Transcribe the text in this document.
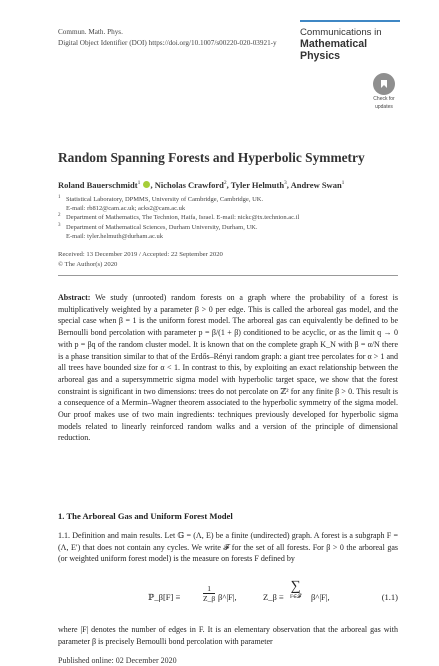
Commun. Math. Phys.
Digital Object Identifier (DOI) https://doi.org/10.1007/s00220-020-03921-y
Communications in
Mathematical
Physics
Check for
updates
Random Spanning Forests and Hyperbolic Symmetry
Roland Bauerschmidt$^1$ , Nicholas Crawford$^2$, Tyler Helmuth$^3$, Andrew Swan$^1$
1 Statistical Laboratory, DPMMS, University of Cambridge, Cambridge, UK.
E-mail: rb812@cam.ac.uk; acks2@cam.ac.uk
2 Department of Mathematics, The Technion, Haifa, Israel. E-mail: nickc@tx.technion.ac.il
3 Department of Mathematical Sciences, Durham University, Durham, UK.
E-mail: tyler.helmuth@durham.ac.uk
Received: 13 December 2019 / Accepted: 22 September 2020
© The Author(s) 2020
Abstract: We study (unrooted) random forests on a graph where the probability of a forest is multiplicatively weighted by a parameter β > 0 per edge. This is called the arboreal gas model, and the special case when β = 1 is the uniform forest model. The arboreal gas can equivalently be defined to be Bernoulli bond percolation with parameter p = β/(1 + β) conditioned to be acyclic, or as the limit q → 0 with p = βq of the random cluster model. It is known that on the complete graph K_N with β = α/N there is a phase transition similar to that of the Erdős–Rényi random graph: a giant tree percolates for α > 1 and all trees have bounded size for α < 1. In contrast to this, by exploiting an exact relationship between the arboreal gas and a supersymmetric sigma model with hyperbolic target space, we show that the forest constraint is significant in two dimensions: trees do not percolate on ℤ² for any finite β > 0. This result is a consequence of a Mermin–Wagner theorem associated to the hyperbolic symmetry of the sigma model. Our proof makes use of two main ingredients: techniques previously developed for hyperbolic sigma models related to linearly reinforced random walks and a version of the principle of dimensional reduction.
1. The Arboreal Gas and Uniform Forest Model
1.1. Definition and main results. Let 𝔾 = (Λ, E) be a finite (undirected) graph. A forest is a subgraph F = (Λ, E′) that does not contain any cycles. We write 𝓕 for the set of all forests. For β > 0 the arboreal gas (or weighted uniform forest model) is the measure on forests F defined by
ℙ_β[F] ≡	$\frac{1}{Z\_\beta}$ β^|F|,	Z_β ≡
∑
F∈𝓕 β^|F|,	(1.1)
where |F| denotes the number of edges in F. It is an elementary observation that the arboreal gas with parameter β is precisely Bernoulli bond percolation with parameter
Published online: 02 December 2020
